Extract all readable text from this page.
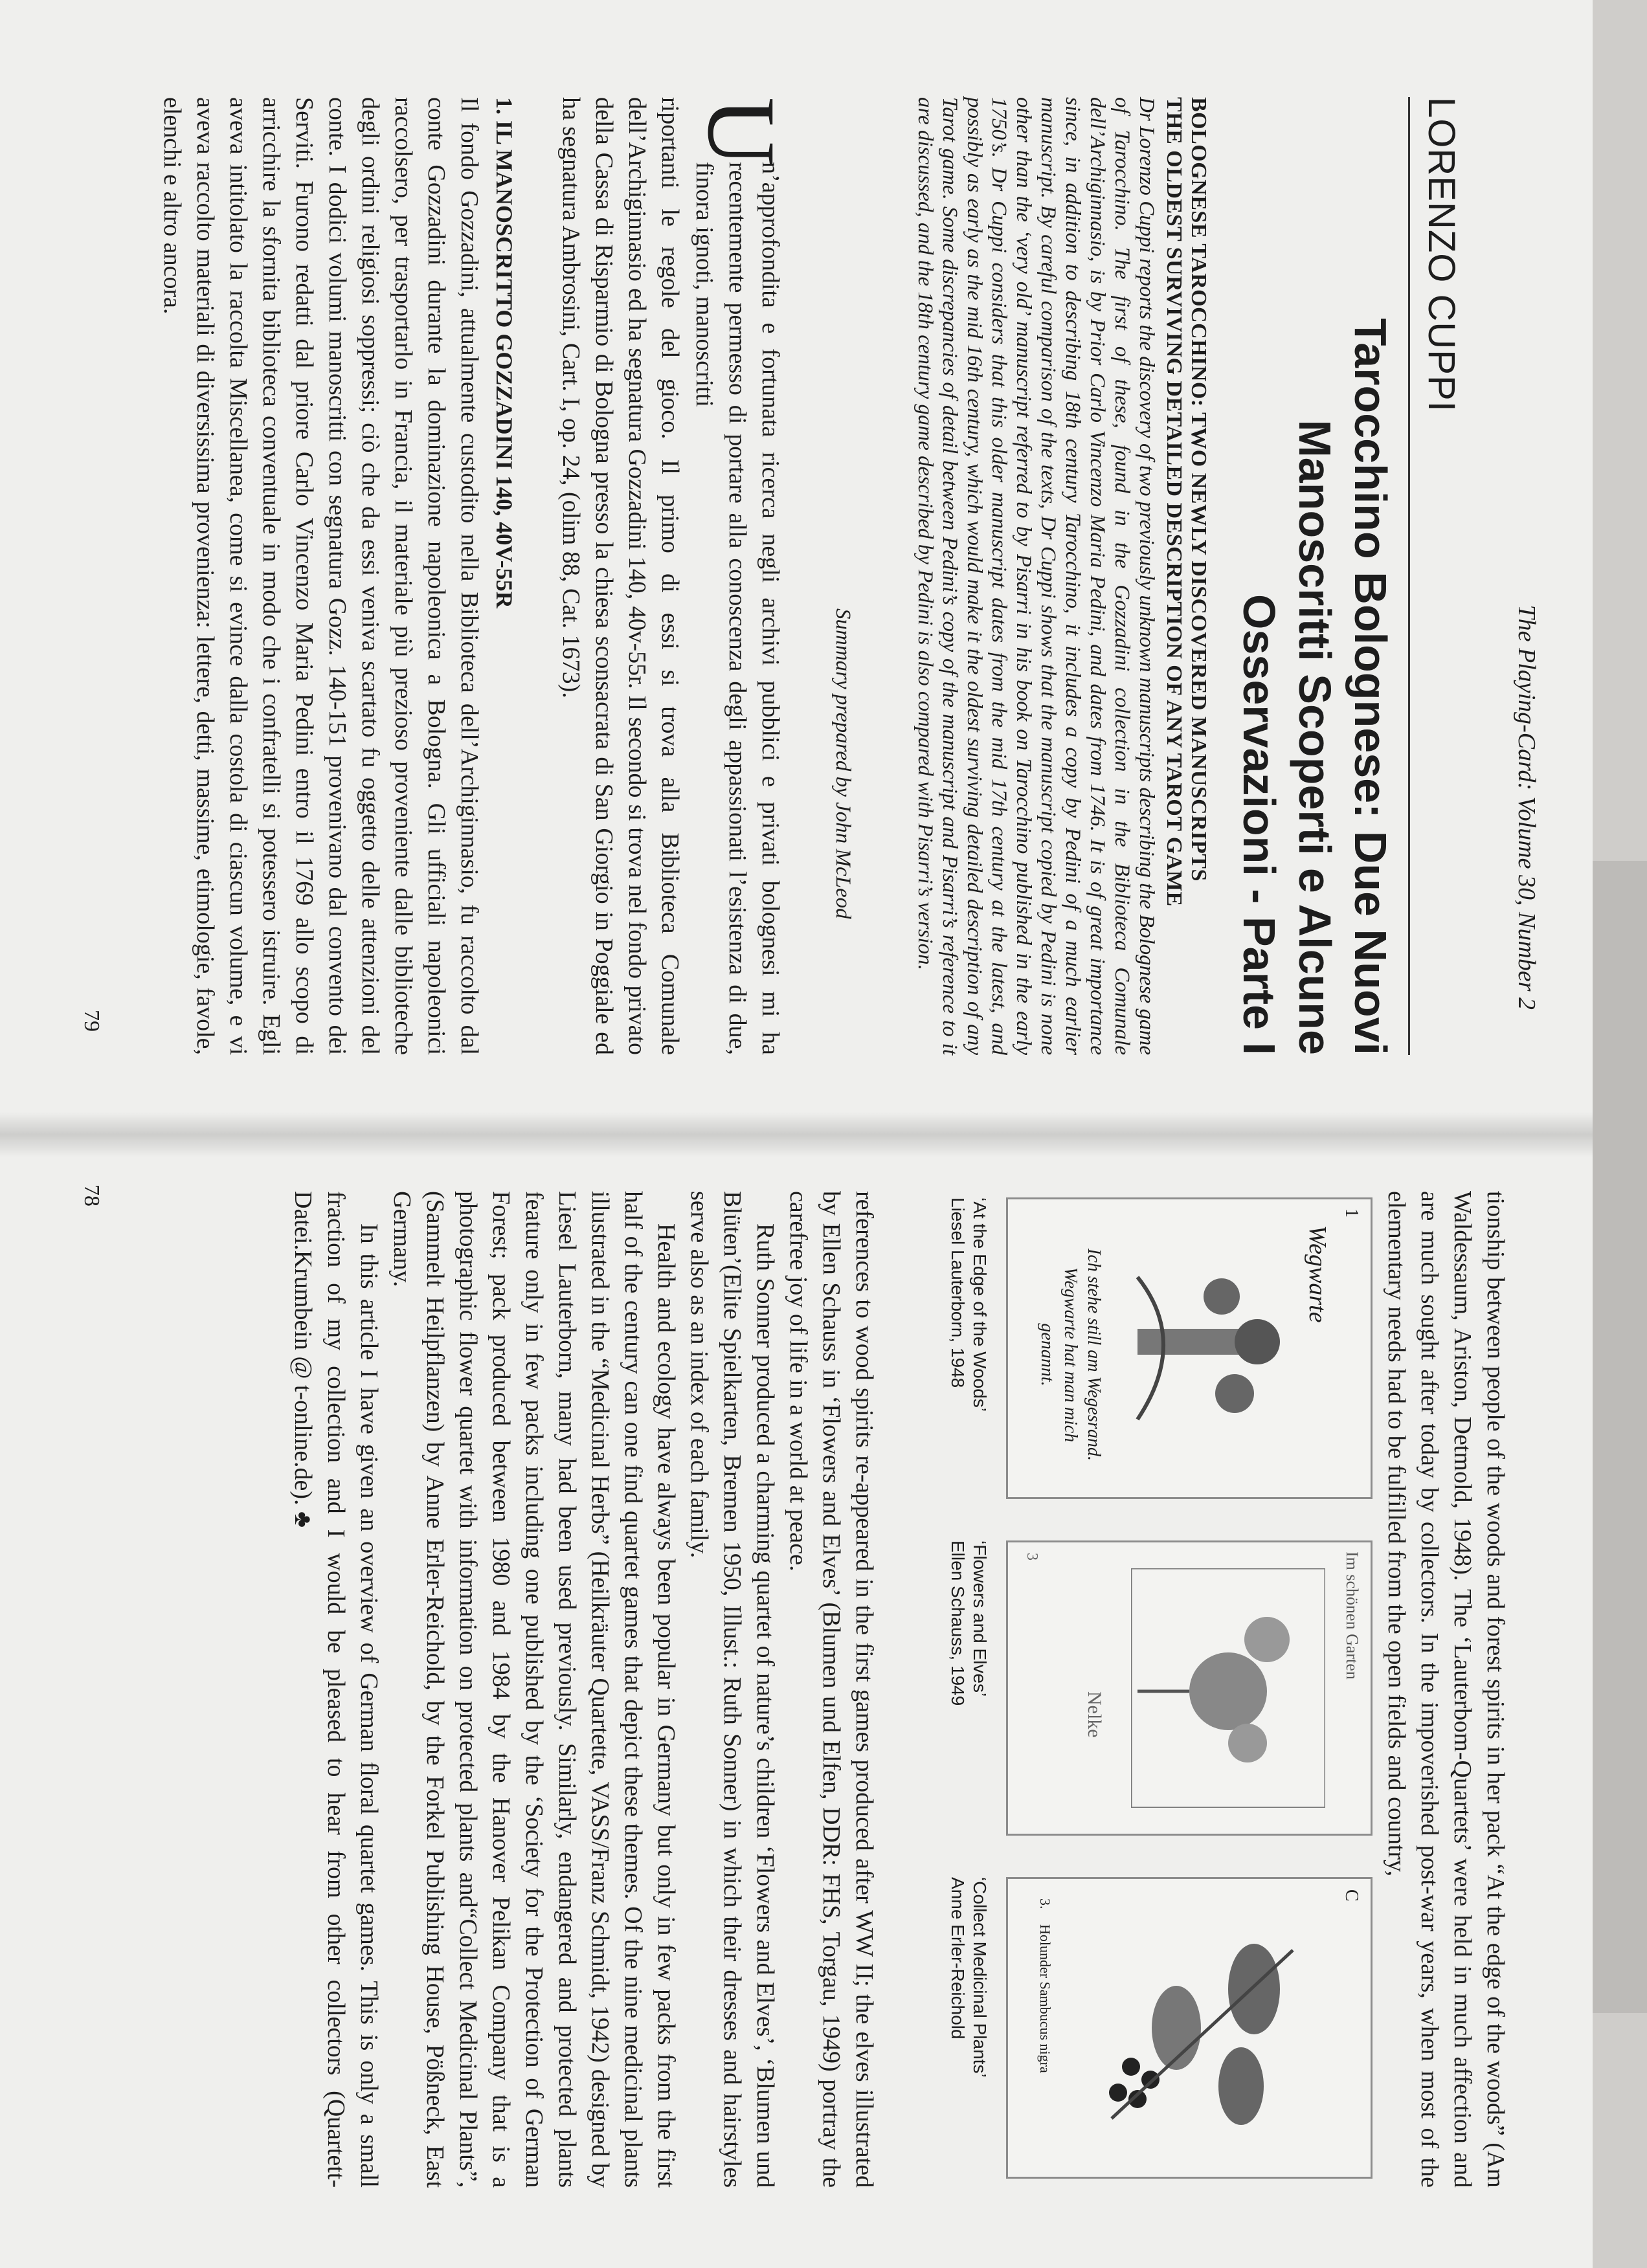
78	tionship between people of the woods and forest spirits in her pack “At the edge of the woods” (Am Waldessaum, Ariston, Detmold, 1948). The ‘Lauterbom-Quartets’ were held in much affection and are much sought after today by collectors. In the impoverished post-war years, when most of the elementary needs had to be fulfilled from the open fields and country,

1
Wegwarte
Ich stehe still am Wegesrand. Wegwarte hat man mich genannt.
Im schönen Garten
Nelke
3
C
3.
Holunder Sambucus nigra
‘At the Edge of the Woods’
Liesel Lauterborn, 1948
‘Flowers and Elves’
Ellen Schauss, 1949
‘Collect Medicinal Plants’
Anne Erler-Reichold

references to wood spirits re-appeared in the first games produced after WW II; the elves illustrated by Ellen Schauss in ‘Flowers and Elves’ (Blumen und Elfen, DDR: FHS, Torgau, 1949) portray the carefree joy of life in a world at peace.

Ruth Sonner produced a charming quartet of nature’s children ‘Flowers and Elves’, ‘Blumen und Blüten’(Elite Spielkarten, Bremen 1950, Illust.: Ruth Sonner) in which their dresses and hairstyles serve also as an index of each family.

Health and ecology have always been popular in Germany but only in few packs from the first half of the century can one find quartet games that depict these themes. Of the nine medicinal plants illustrated in the “Medicinal Herbs” (Heilkräuter Quartette, VASS/Franz Schmidt, 1942) designed by Liesel Lauterborn, many had been used previously. Similarly, endangered and protected plants feature only in few packs including one published by the ‘Society for the Protection of German Forest; pack produced between 1980 and 1984 by the Hanover Pelikan Company that is a photographic flower quartet with information on protected plants and“Collect Medicinal Plants”, (Sammelt Heilpflanzen) by Anne Erler-Reichold, by the Forkel Publishing House, Pößneck, East Germany.

In this article I have given an overview of German floral quartet games. This is only a small fraction of my collection and I would be pleased to hear from other collectors (Quartett-Datei.Krumbein @ t-online.de). ♣

The Playing-Card: Volume 30, Number 2
LORENZO CUPPI
Tarocchino Bolognese: Due Nuovi
Manoscritti Scoperti e Alcune
Osservazioni - Parte I
BOLOGNESE TAROCCHINO: TWO NEWLY DISCOVERED MANUSCRIPTS
THE OLDEST SURVIVING DETAILED DESCRIPTION OF ANY TAROT GAME
Dr Lorenzo Cuppi reports the discovery of two previously unknown manuscripts describing the Bolognese game of Tarocchino. The first of these, found in the Gozzadini collection in the Biblioteca Comunale dell’Archiginnasio, is by Prior Carlo Vincenzo Maria Pedini, and dates from 1746. It is of great importance since, in addition to describing 18th century Tarocchino, it includes a copy by Pedini of a much earlier manuscript. By careful comparison of the texts, Dr Cuppi shows that the manuscript copied by Pedini is none other than the ‘very old’ manuscript referred to by Pisarri in his book on Tarocchino published in the early 1750’s. Dr Cuppi considers that this older manuscript dates from the mid 17th century at the latest, and possibly as early as the mid 16th century, which would make it the oldest surviving detailed description of any Tarot game. Some discrepancies of detail between Pedini’s copy of the manuscript and Pisarri’s reference to it are discussed, and the 18th century game described by Pedini is also compared with Pisarri’s version.
Summary prepared by John McLeod
U

n’approfondita e fortunata ricerca negli archivi pubblici e privati bolognesi mi ha recentemente permesso di portare alla conoscenza degli appassionati l’esistenza di due, finora ignoti, manoscritti

riportanti le regole del gioco. Il primo di essi si trova alla Biblioteca Comunale dell’Archiginnasio ed ha segnatura Gozzadini 140, 40v-55r. Il secondo si trova nel fondo privato della Cassa di Risparmio di Bologna presso la chiesa sconsacrata di San Giorgio in Poggiale ed ha segnatura Ambrosini, Cart. I, op. 24, (olim 88, Cat. 1673).

1. IL MANOSCRITTO GOZZADINI 140, 40V-55R

Il fondo Gozzadini, attualmente custodito nella Biblioteca dell’Archiginnasio, fu raccolto dal conte Gozzadini durante la dominazione napoleonica a Bologna. Gli ufficiali napoleonici raccolsero, per trasportarlo in Francia, il materiale più prezioso proveniente dalle biblioteche degli ordini religiosi soppressi; ciò che da essi veniva scartato fu oggetto delle attenzioni del conte. I dodici volumi manoscritti con segnatura Gozz. 140-151 provenivano dal convento dei Serviti. Furono redatti dal priore Carlo Vincenzo Maria Pedini entro il 1769 allo scopo di arricchire la sfornita biblioteca conventuale in modo che i confratelli si potessero istruire. Egli aveva intitolato la raccolta Miscellanea, come si evince dalla costola di ciascun volume, e vi aveva raccolto materiali di diversissima provenienza: lettere, detti, massime, etimologie, favole, elenchi e altro ancora.

79
